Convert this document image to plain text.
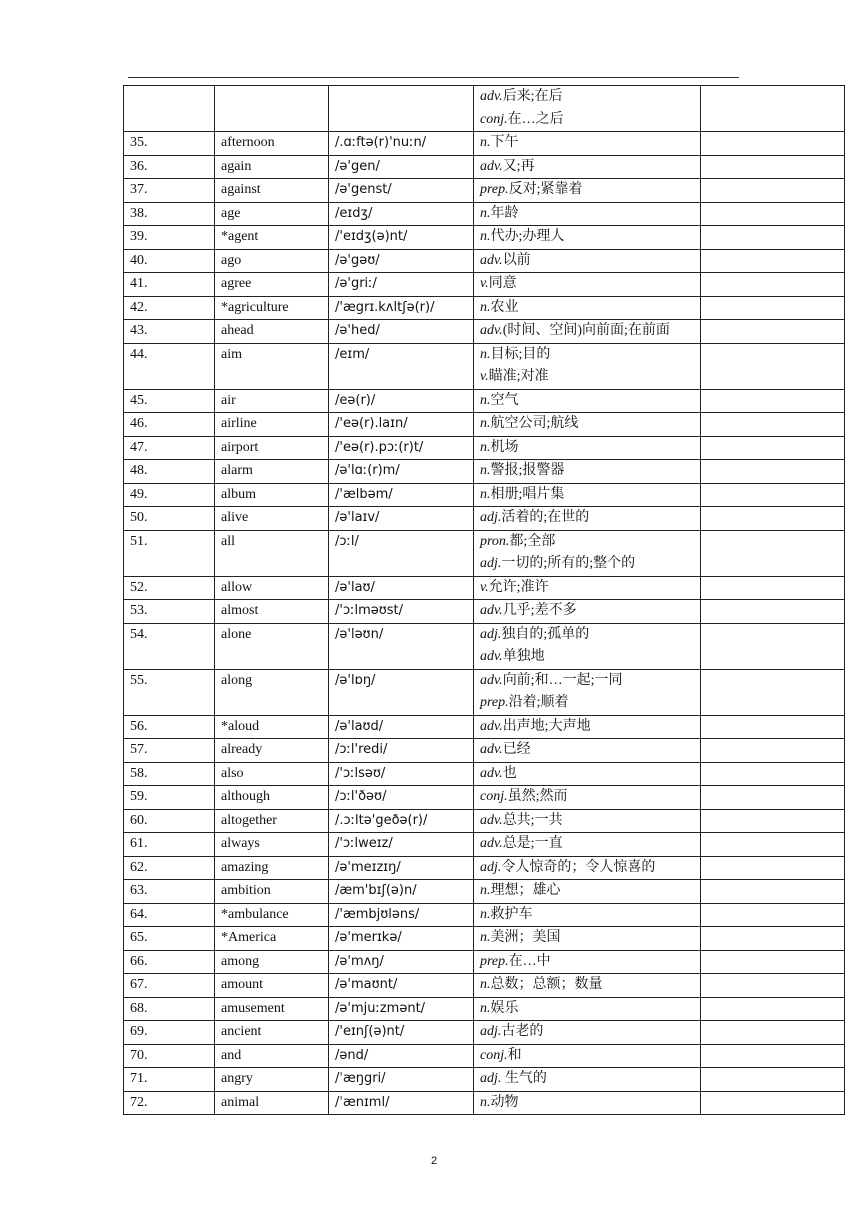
			adv.后来;在后
conj.在…之后	

35.	afternoon	/.ɑːftə(r)'nuːn/	n.下午	

36.	again	/ə'gen/	adv.又;再	

37.	against	/ə'genst/	prep.反对;紧靠着	

38.	age	/eɪdʒ/	n.年龄	

39.	*agent	/'eɪdʒ(ə)nt/	n.代办;办理人	

40.	ago	/ə'gəʊ/	adv.以前	

41.	agree	/ə'griː/	v.同意	

42.	*agriculture	/'ægrɪ.kʌltʃə(r)/	n.农业	

43.	ahead	/ə'hed/	adv.(时间、空间)向前面;在前面	

44.	aim	/eɪm/	n.目标;目的
v.瞄准;对准	

45.	air	/eə(r)/	n.空气	

46.	airline	/'eə(r).laɪn/	n.航空公司;航线	

47.	airport	/'eə(r).pɔː(r)t/	n.机场	

48.	alarm	/ə'lɑː(r)m/	n.警报;报警器	

49.	album	/'ælbəm/	n.相册;唱片集	

50.	alive	/ə'laɪv/	adj.活着的;在世的	

51.	all	/ɔːl/	pron.都;全部
adj.一切的;所有的;整个的	

52.	allow	/ə'laʊ/	v.允许;准许	

53.	almost	/'ɔːlməʊst/	adv.几乎;差不多	

54.	alone	/ə'ləʊn/	adj.独自的;孤单的
adv.单独地	

55.	along	/ə'lɒŋ/	adv.向前;和…一起;一同
prep.沿着;顺着	

56.	*aloud	/ə'laʊd/	adv.出声地;大声地	

57.	already	/ɔːl'redi/	adv.已经	

58.	also	/'ɔːlsəʊ/	adv.也	

59.	although	/ɔːl'ðəʊ/	conj.虽然;然而	

60.	altogether	/.ɔːltə'geðə(r)/	adv.总共;一共	

61.	always	/'ɔːlweɪz/	adv.总是;一直	

62.	amazing	/ə'meɪzɪŋ/	adj.令人惊奇的；令人惊喜的	

63.	ambition	/æm'bɪʃ(ə)n/	n.理想；雄心	

64.	*ambulance	/'æmbjʊləns/	n.救护车	

65.	*America	/ə'merɪkə/	n.美洲；美国	

66.	among	/ə'mʌŋ/	prep.在…中	

67.	amount	/ə'maʊnt/	n.总数；总额；数量	

68.	amusement	/ə'mjuːzmənt/	n.娱乐	

69.	ancient	/'eɪnʃ(ə)nt/	adj.古老的	

70.	and	/ənd/	conj.和	

71.	angry	/ˈæŋgri/	adj. 生气的	

72.	animal	/ˈænɪml/	n.动物	

2
